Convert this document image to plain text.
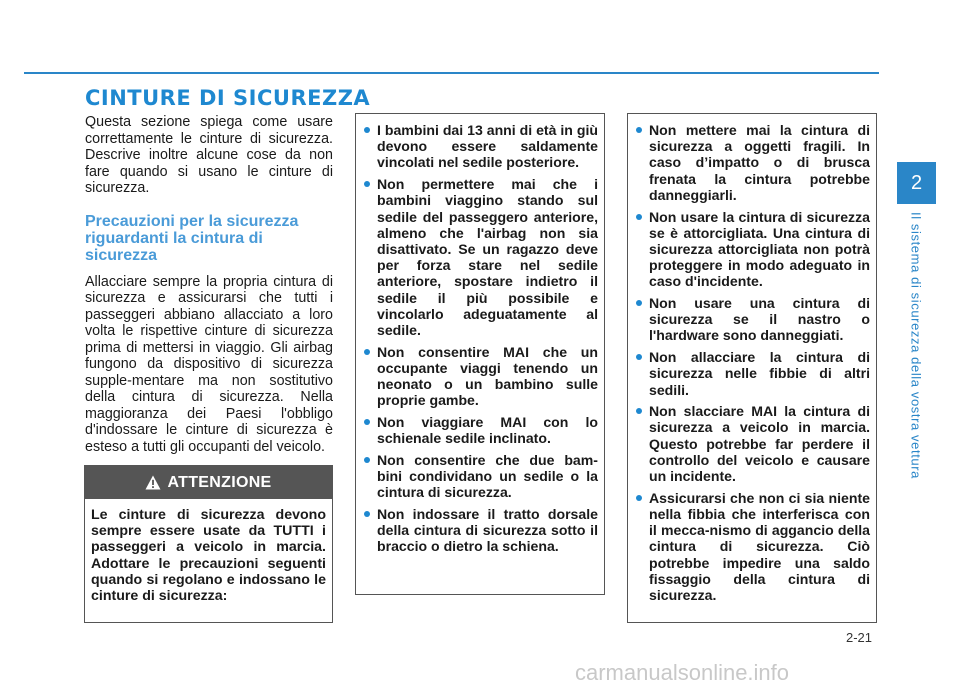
CINTURE DI SICUREZZA

Questa sezione spiega come usare correttamente le cinture di sicurezza. Descrive inoltre alcune cose da non fare quando si usano le cinture di sicurezza.

Precauzioni per la sicurezza riguardanti la cintura di sicurezza

Allacciare sempre la propria cintura di sicurezza e assicurarsi che tutti i passeggeri abbiano allacciato a loro volta le rispettive cinture di sicurezza prima di mettersi in viaggio. Gli airbag fungono da dispositivo di sicurezza supple-mentare ma non sostitutivo della cintura di sicurezza. Nella maggioranza dei Paesi l'obbligo d'indossare le cinture di sicurezza è esteso a tutti gli occupanti del veicolo.

ATTENZIONE

Le cinture di sicurezza devono sempre essere usate da TUTTI i passeggeri a veicolo in marcia. Adottare le precauzioni seguenti quando si regolano e indossano le cinture di sicurezza:

I bambini dai 13 anni di età in giù devono essere saldamente vincolati nel sedile posteriore.
Non permettere mai che i bambini viaggino stando sul sedile del passeggero anteriore, almeno che l'airbag non sia disattivato. Se un ragazzo deve per forza stare nel sedile anteriore, spostare indietro il sedile il più possibile e vincolarlo adeguatamente al sedile.
Non consentire MAI che un occupante viaggi tenendo un neonato o un bambino sulle proprie gambe.
Non viaggiare MAI con lo schienale sedile inclinato.
Non consentire che due bam-bini condividano un sedile o la cintura di sicurezza.
Non indossare il tratto dorsale della cintura di sicurezza sotto il braccio o dietro la schiena.
Non mettere mai la cintura di sicurezza a oggetti fragili. In caso d’impatto o di brusca frenata la cintura potrebbe danneggiarli.
Non usare la cintura di sicurezza se è attorcigliata. Una cintura di sicurezza attorcigliata non potrà proteggere in modo adeguato in caso d'incidente.
Non usare una cintura di sicurezza se il nastro o l'hardware sono danneggiati.
Non allacciare la cintura di sicurezza nelle fibbie di altri sedili.
Non slacciare MAI la cintura di sicurezza a veicolo in marcia. Questo potrebbe far perdere il controllo del veicolo e causare un incidente.
Assicurarsi che non ci sia niente nella fibbia che interferisca con il mecca-nismo di aggancio della cintura di sicurezza. Ciò potrebbe impedire una saldo fissaggio della cintura di sicurezza.
2
Il sistema di sicurezza della vostra vettura
2-21
carmanualsonline.info
